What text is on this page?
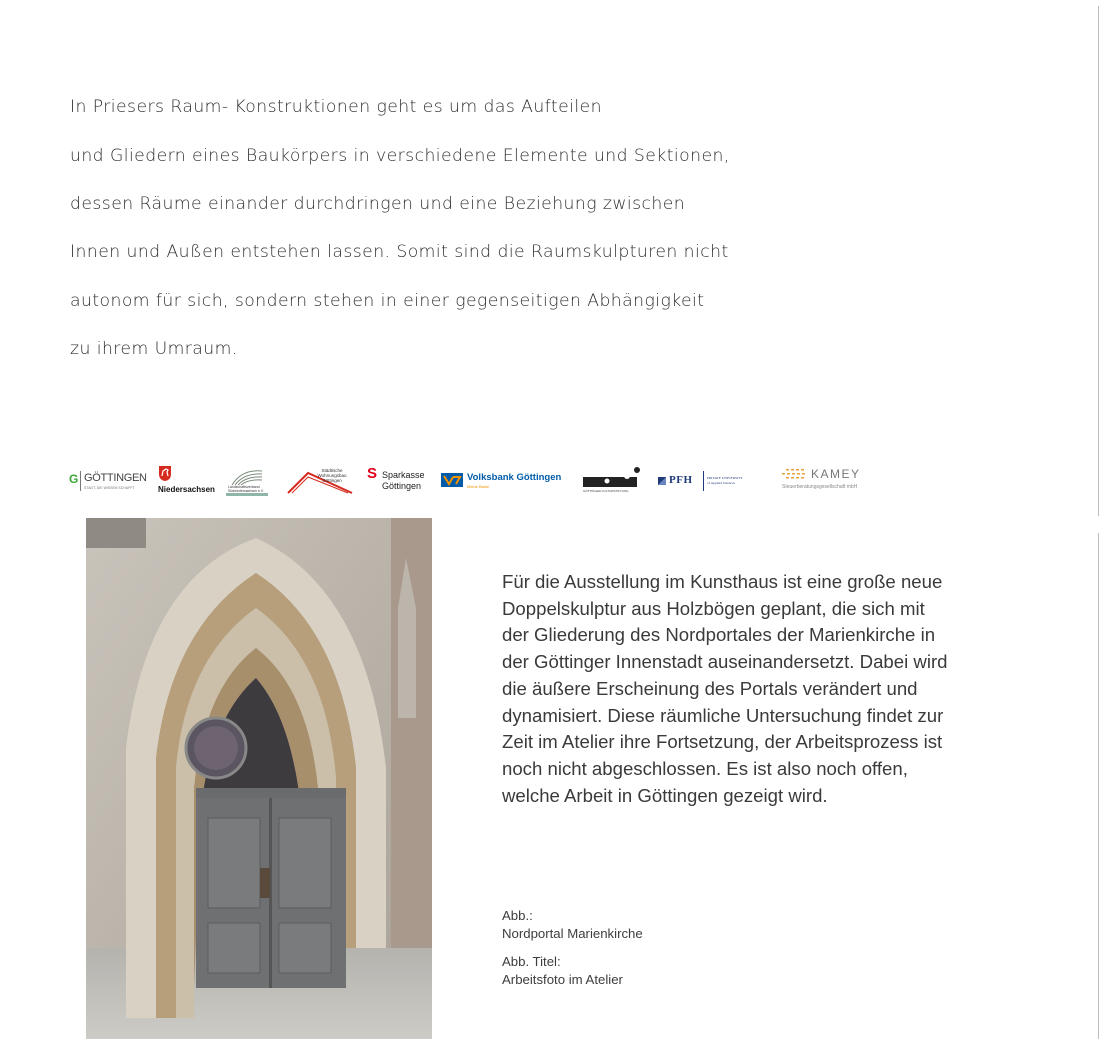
In Priesers Raum- Konstruktionen geht es um das Aufteilen

und Gliedern eines Baukörpers in verschiedene Elemente und Sektionen,

dessen Räume einander durchdringen und eine Beziehung zwischen

Innen und Außen entstehen lassen. Somit sind die Raumskulpturen nicht

autonom für sich, sondern stehen in einer gegenseitigen Abhängigkeit

zu ihrem Umraum.

G GÖTTINGEN
STADT, DIE WISSEN SCHAFFT	Niedersachsen	Landschaftsverband Südniedersachsen e.V.
Städtische Wohnungsbau Göttingen	S Sparkasse
Göttingen
Volksbank Göttingen
Meine Bank!
GÖTTINGER KULTURSTIFTUNG
PFH	PRIVATE UNIVERSITY
of Applied Sciences
KAMEY
Steuerberatungsgesellschaft mbH
Für die Ausstellung im Kunsthaus ist eine große neue
Doppelskulptur aus Holzbögen geplant, die sich mit
der Gliederung des Nordportales der Marienkirche in
der Göttinger Innenstadt auseinandersetzt. Dabei wird
die äußere Erscheinung des Portals verändert und
dynamisiert. Diese räumliche Untersuchung findet zur
Zeit im Atelier ihre Fortsetzung, der Arbeitsprozess ist
noch nicht abgeschlossen. Es ist also noch offen,
welche Arbeit in Göttingen gezeigt wird.
Abb.:
Nordportal Marienkirche
Abb. Titel:
Arbeitsfoto im Atelier
